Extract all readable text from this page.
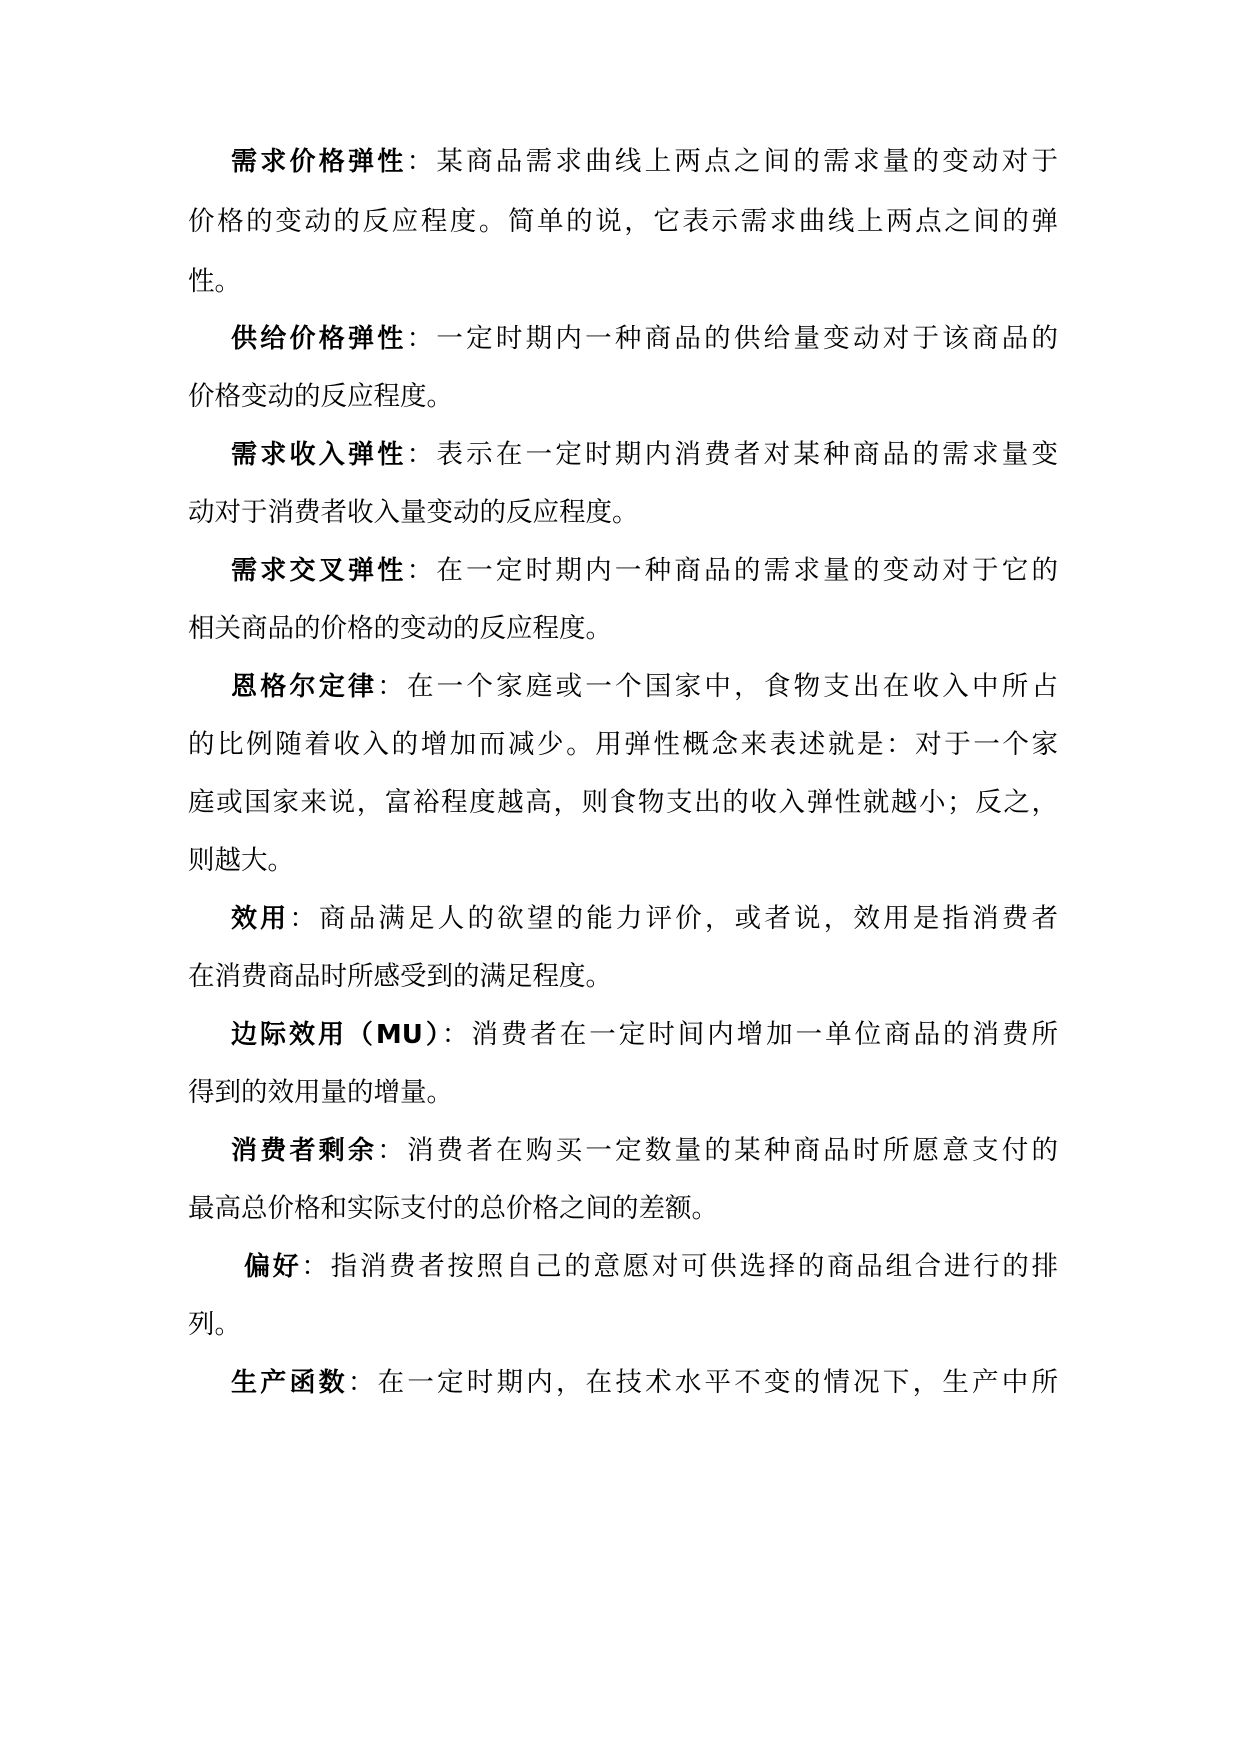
需求价格弹性：某商品需求曲线上两点之间的需求量的变动对于
价格的变动的反应程度。简单的说，它表示需求曲线上两点之间的弹
性。
供给价格弹性：一定时期内一种商品的供给量变动对于该商品的
价格变动的反应程度。
需求收入弹性：表示在一定时期内消费者对某种商品的需求量变
动对于消费者收入量变动的反应程度。
需求交叉弹性：在一定时期内一种商品的需求量的变动对于它的
相关商品的价格的变动的反应程度。
恩格尔定律：在一个家庭或一个国家中，食物支出在收入中所占
的比例随着收入的增加而减少。用弹性概念来表述就是：对于一个家
庭或国家来说，富裕程度越高，则食物支出的收入弹性就越小；反之，
则越大。
效用：商品满足人的欲望的能力评价，或者说，效用是指消费者
在消费商品时所感受到的满足程度。
边际效用（MU）：消费者在一定时间内增加一单位商品的消费所
得到的效用量的增量。
消费者剩余：消费者在购买一定数量的某种商品时所愿意支付的
最高总价格和实际支付的总价格之间的差额。
偏好：指消费者按照自己的意愿对可供选择的商品组合进行的排
列。
生产函数：在一定时期内，在技术水平不变的情况下，生产中所
